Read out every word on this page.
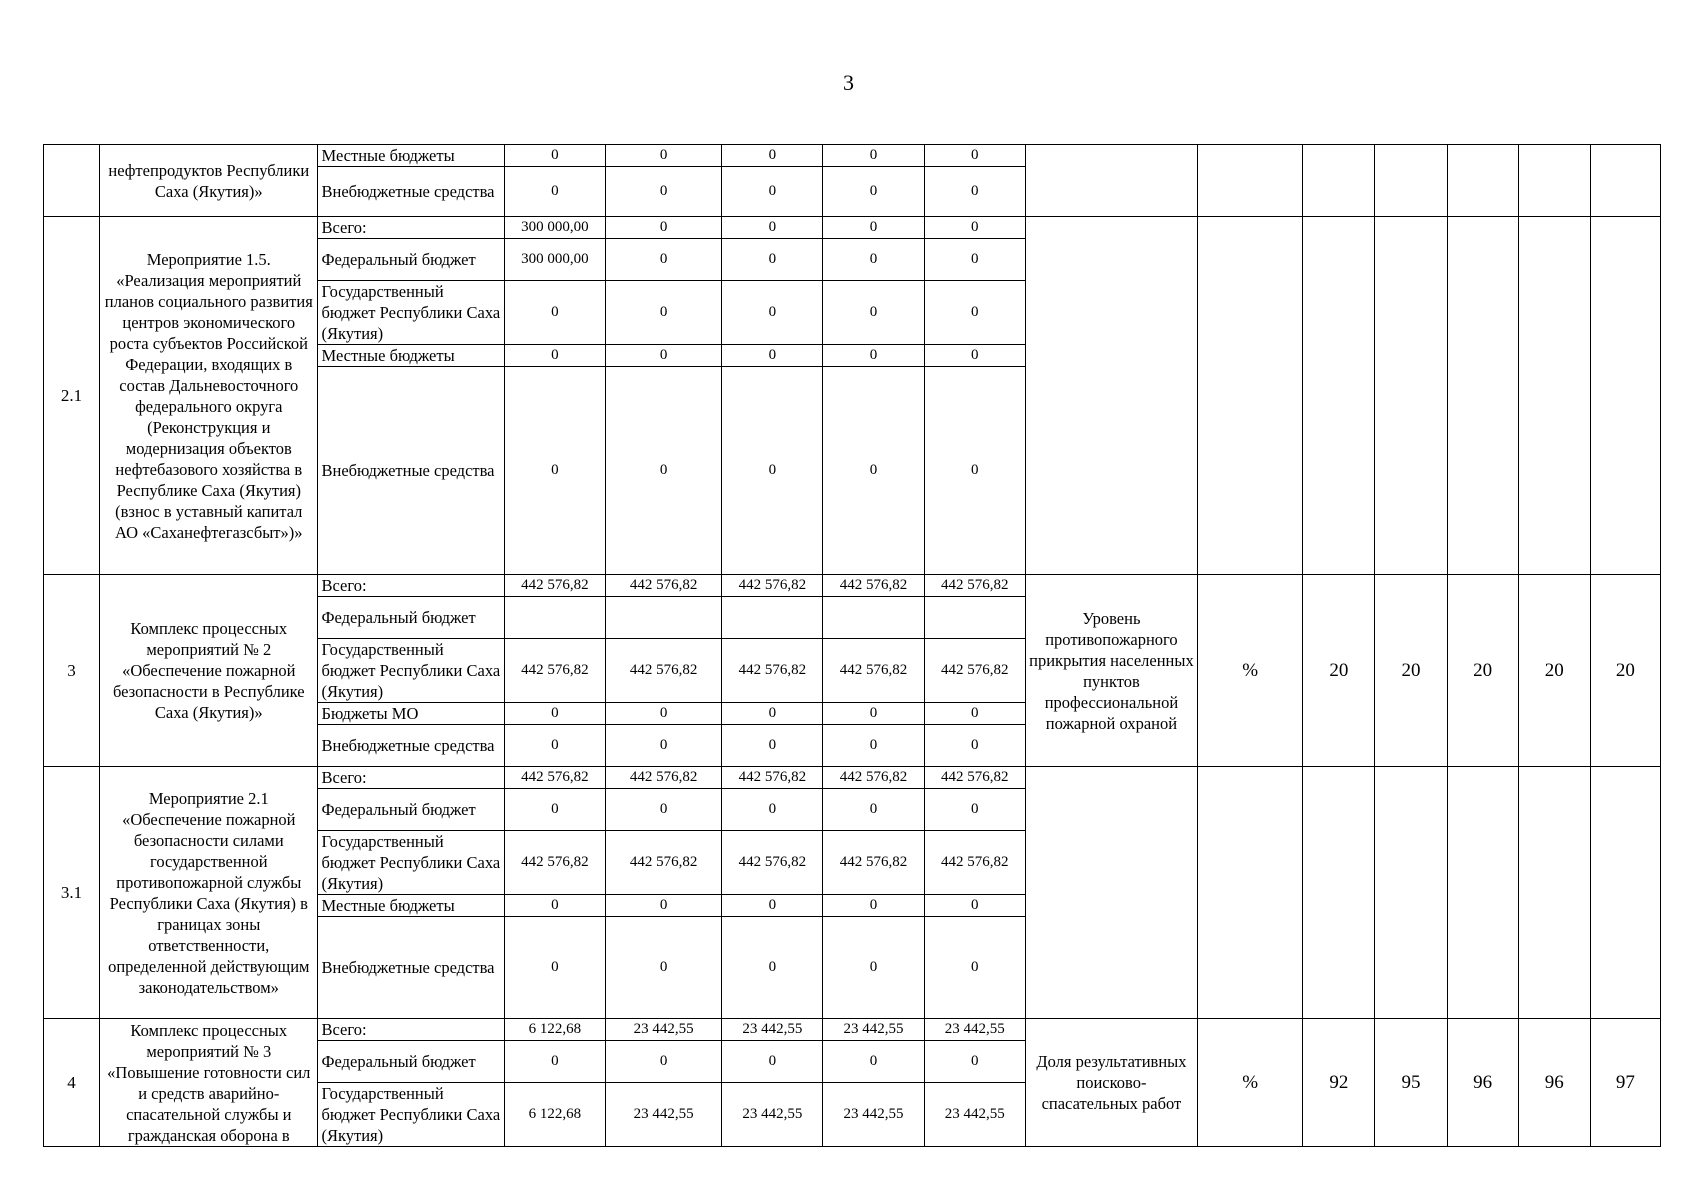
3
	нефтепродуктов Республики Саха (Якутия)»	Местные бюджеты	0	0	0	0	0							
		Внебюджетные средства	0	0	0	0	0							
2.1	Мероприятие 1.5. «Реализация мероприятий планов социального развития центров экономического роста субъектов Российской Федерации, входящих в состав Дальневосточного федерального округа (Реконструкция и модернизация объектов нефтебазового хозяйства в Республике Саха (Якутия) (взнос в уставный капитал АО «Саханефтегазсбыт»)»	Всего:	300 000,00	0	0	0	0							
		Федеральный бюджет	300 000,00	0	0	0	0							
		Государственный бюджет Республики Саха (Якутия)	0	0	0	0	0							
		Местные бюджеты	0	0	0	0	0							
		Внебюджетные средства	0	0	0	0	0							
3	Комплекс процессных мероприятий № 2 «Обеспечение пожарной безопасности в Республике Саха (Якутия)»	Всего:	442 576,82	442 576,82	442 576,82	442 576,82	442 576,82	Уровень противопожарного прикрытия населенных пунктов профессиональной пожарной охраной	%	20	20	20	20	20
		Федеральный бюджет												
		Государственный бюджет Республики Саха (Якутия)	442 576,82	442 576,82	442 576,82	442 576,82	442 576,82							
		Бюджеты МО	0	0	0	0	0							
		Внебюджетные средства	0	0	0	0	0							
3.1	Мероприятие 2.1 «Обеспечение пожарной безопасности силами государственной противопожарной службы Республики Саха (Якутия) в границах зоны ответственности, определенной действующим законодательством»	Всего:	442 576,82	442 576,82	442 576,82	442 576,82	442 576,82							
		Федеральный бюджет	0	0	0	0	0							
		Государственный бюджет Республики Саха (Якутия)	442 576,82	442 576,82	442 576,82	442 576,82	442 576,82							
		Местные бюджеты	0	0	0	0	0							
		Внебюджетные средства	0	0	0	0	0							
4	Комплекс процессных мероприятий № 3 «Повышение готовности сил и средств аварийно-спасательной службы и гражданская оборона в	Всего:	6 122,68	23 442,55	23 442,55	23 442,55	23 442,55	Доля результативных поисково-спасательных работ	%	92	95	96	96	97
		Федеральный бюджет	0	0	0	0	0							
		Государственный бюджет Республики Саха (Якутия)	6 122,68	23 442,55	23 442,55	23 442,55	23 442,55							
